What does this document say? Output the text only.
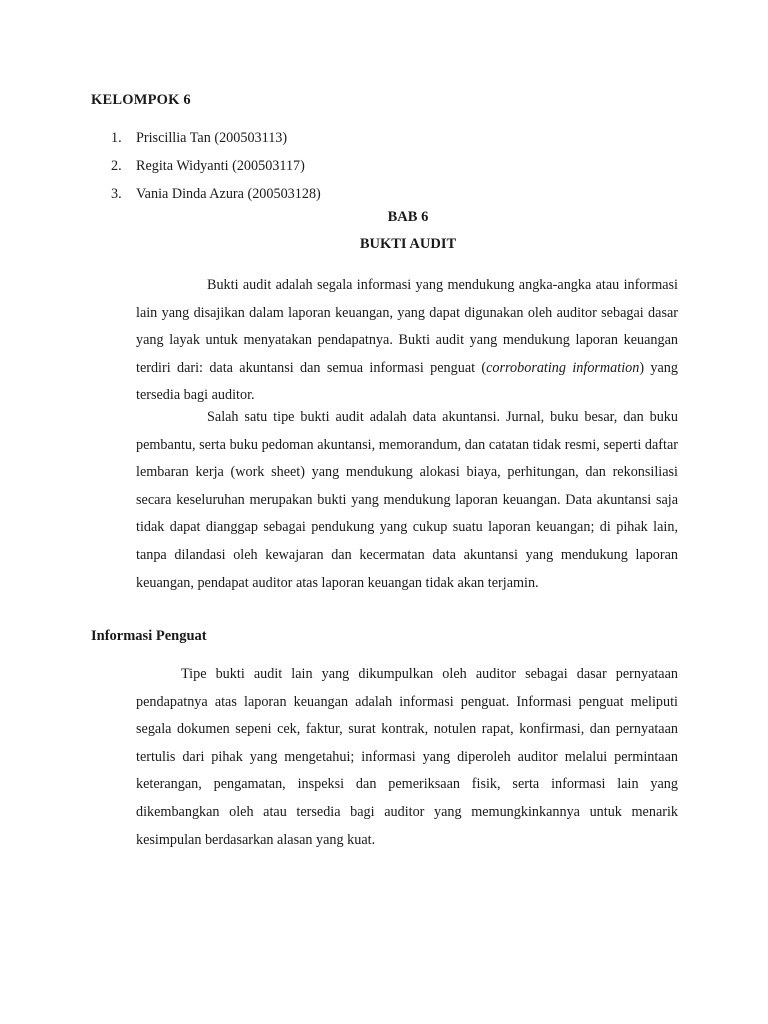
KELOMPOK 6
1. Priscillia Tan (200503113)
2. Regita Widyanti (200503117)
3. Vania Dinda Azura (200503128)
BAB 6
BUKTI AUDIT

Bukti audit adalah segala informasi yang mendukung angka-angka atau informasi lain yang disajikan dalam laporan keuangan, yang dapat digunakan oleh auditor sebagai dasar yang layak untuk menyatakan pendapatnya. Bukti audit yang mendukung laporan keuangan terdiri dari: data akuntansi dan semua informasi penguat (corroborating information) yang tersedia bagi auditor.

Salah satu tipe bukti audit adalah data akuntansi. Jurnal, buku besar, dan buku pembantu, serta buku pedoman akuntansi, memorandum, dan catatan tidak resmi, seperti daftar lembaran kerja (work sheet) yang mendukung alokasi biaya, perhitungan, dan rekonsiliasi secara keseluruhan merupakan bukti yang mendukung laporan keuangan. Data akuntansi saja tidak dapat dianggap sebagai pendukung yang cukup suatu laporan keuangan; di pihak lain, tanpa dilandasi oleh kewajaran dan kecermatan data akuntansi yang mendukung laporan keuangan, pendapat auditor atas laporan keuangan tidak akan terjamin.

Informasi Penguat

Tipe bukti audit lain yang dikumpulkan oleh auditor sebagai dasar pernyataan pendapatnya atas laporan keuangan adalah informasi penguat. Informasi penguat meliputi segala dokumen sepeni cek, faktur, surat kontrak, notulen rapat, konfirmasi, dan pernyataan tertulis dari pihak yang mengetahui; informasi yang diperoleh auditor melalui permintaan keterangan, pengamatan, inspeksi dan pemeriksaan fisik, serta informasi lain yang dikembangkan oleh atau tersedia bagi auditor yang memungkinkannya untuk menarik kesimpulan berdasarkan alasan yang kuat.
